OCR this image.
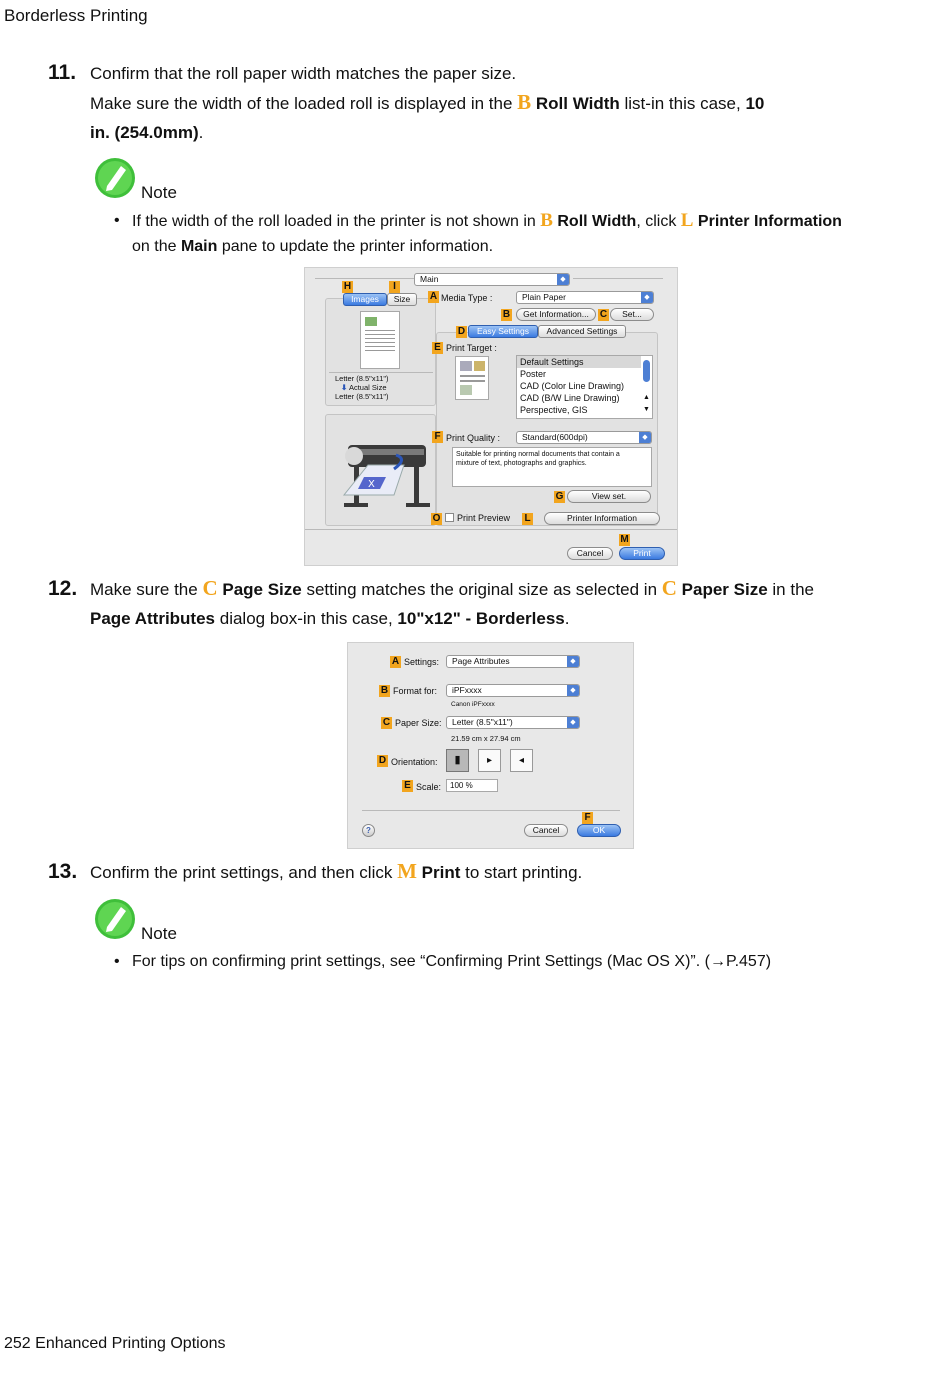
Borderless Printing
11. Confirm that the roll paper width matches the paper size.
Make sure the width of the loaded roll is displayed in the B Roll Width list-in this case, 10
in. (254.0mm).
Note
• If the width of the roll loaded in the printer is not shown in B Roll Width, click L Printer Information
on the Main pane to update the printer information.
Main	◆
H	I
Images	Size
Letter (8.5"x11")
⬇ Actual Size
Letter (8.5"x11")
X
A Media Type :	Plain Paper	◆
B	Get Information...	C	Set...
D	Easy Settings	Advanced Settings
E Print Target :
Default Settings
Poster
CAD (Color Line Drawing)
CAD (B/W Line Drawing)
Perspective, GIS
▲
▼
F Print Quality :	Standard(600dpi)	◆
Suitable for printing normal documents that contain a mixture of text, photographs and graphics.
G	View set.
O Print Preview L	Printer Information
M
Cancel	Print
12. Make sure the C Page Size setting matches the original size as selected in C Paper Size in the
Page Attributes dialog box-in this case, 10"x12" - Borderless.
A Settings: Page Attributes	◆
B Format for: iPFxxxx	◆
Canon iPFxxxx
C Paper Size: Letter (8.5"x11")	◆
21.59 cm x 27.94 cm
D Orientation:	▮	▸	◂
E Scale:	100 %
F
?	Cancel	OK
13. Confirm the print settings, and then click M Print to start printing.
Note
• For tips on confirming print settings, see “Confirming Print Settings (Mac OS X)”. (→P.457)
252 Enhanced Printing Options
